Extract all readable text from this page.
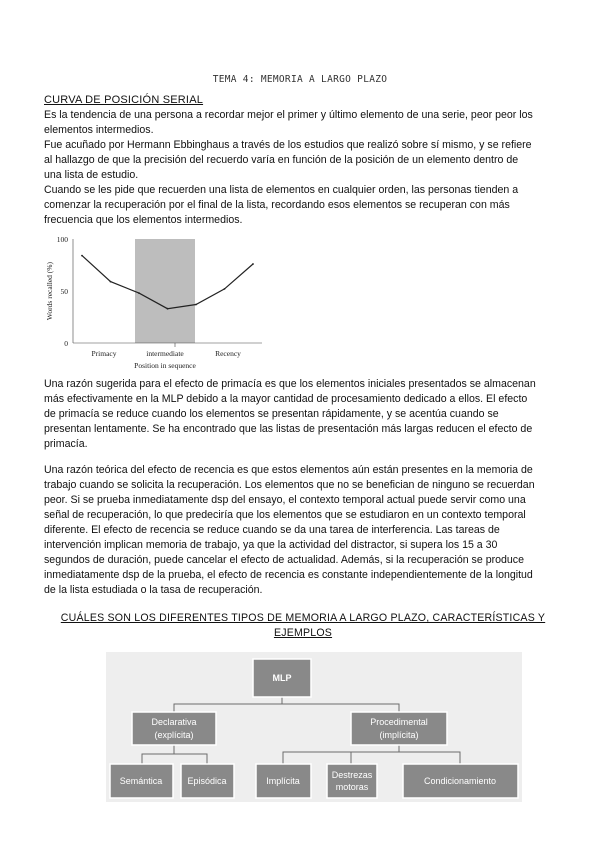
TEMA 4: MEMORIA A LARGO PLAZO
CURVA DE POSICIÓN SERIAL

Es la tendencia de una persona a recordar mejor el primer y último elemento de una serie, peor peor los
elementos intermedios.
Fue acuñado por Hermann Ebbinghaus a través de los estudios que realizó sobre sí mismo, y se refiere
al hallazgo de que la precisión del recuerdo varía en función de la posición de un elemento dentro de
una lista de estudio.
Cuando se les pide que recuerden una lista de elementos en cualquier orden, las personas tienden a
comenzar la recuperación por el final de la lista, recordando esos elementos se recuperan con más
frecuencia que los elementos intermedios.

100
50
0
Words recalled (%)
Primacy	intermediate	Recency
Position in sequence

Una razón sugerida para el efecto de primacía es que los elementos iniciales presentados se almacenan
más efectivamente en la MLP debido a la mayor cantidad de procesamiento dedicado a ellos. El efecto
de primacía se reduce cuando los elementos se presentan rápidamente, y se acentúa cuando se
presentan lentamente. Se ha encontrado que las listas de presentación más largas reducen el efecto de
primacía.

Una razón teórica del efecto de recencia es que estos elementos aún están presentes en la memoria de
trabajo cuando se solicita la recuperación. Los elementos que no se benefician de ninguno se recuerdan
peor. Si se prueba inmediatamente dsp del ensayo, el contexto temporal actual puede servir como una
señal de recuperación, lo que predeciría que los elementos que se estudiaron en un contexto temporal
diferente. El efecto de recencia se reduce cuando se da una tarea de interferencia. Las tareas de
intervención implican memoria de trabajo, ya que la actividad del distractor, si supera los 15 a 30
segundos de duración, puede cancelar el efecto de actualidad. Además, si la recuperación se produce
inmediatamente dsp de la prueba, el efecto de recencia es constante independientemente de la longitud
de la lista estudiada o la tasa de recuperación.

CUÁLES SON LOS DIFERENTES TIPOS DE MEMORIA A LARGO PLAZO, CARACTERÍSTICAS Y
EJEMPLOS
MLP
Declarativa
(explícita)
Procedimental
(implícita)
Semántica	Episódica	Implícita
Destrezas
motoras
Condicionamiento
